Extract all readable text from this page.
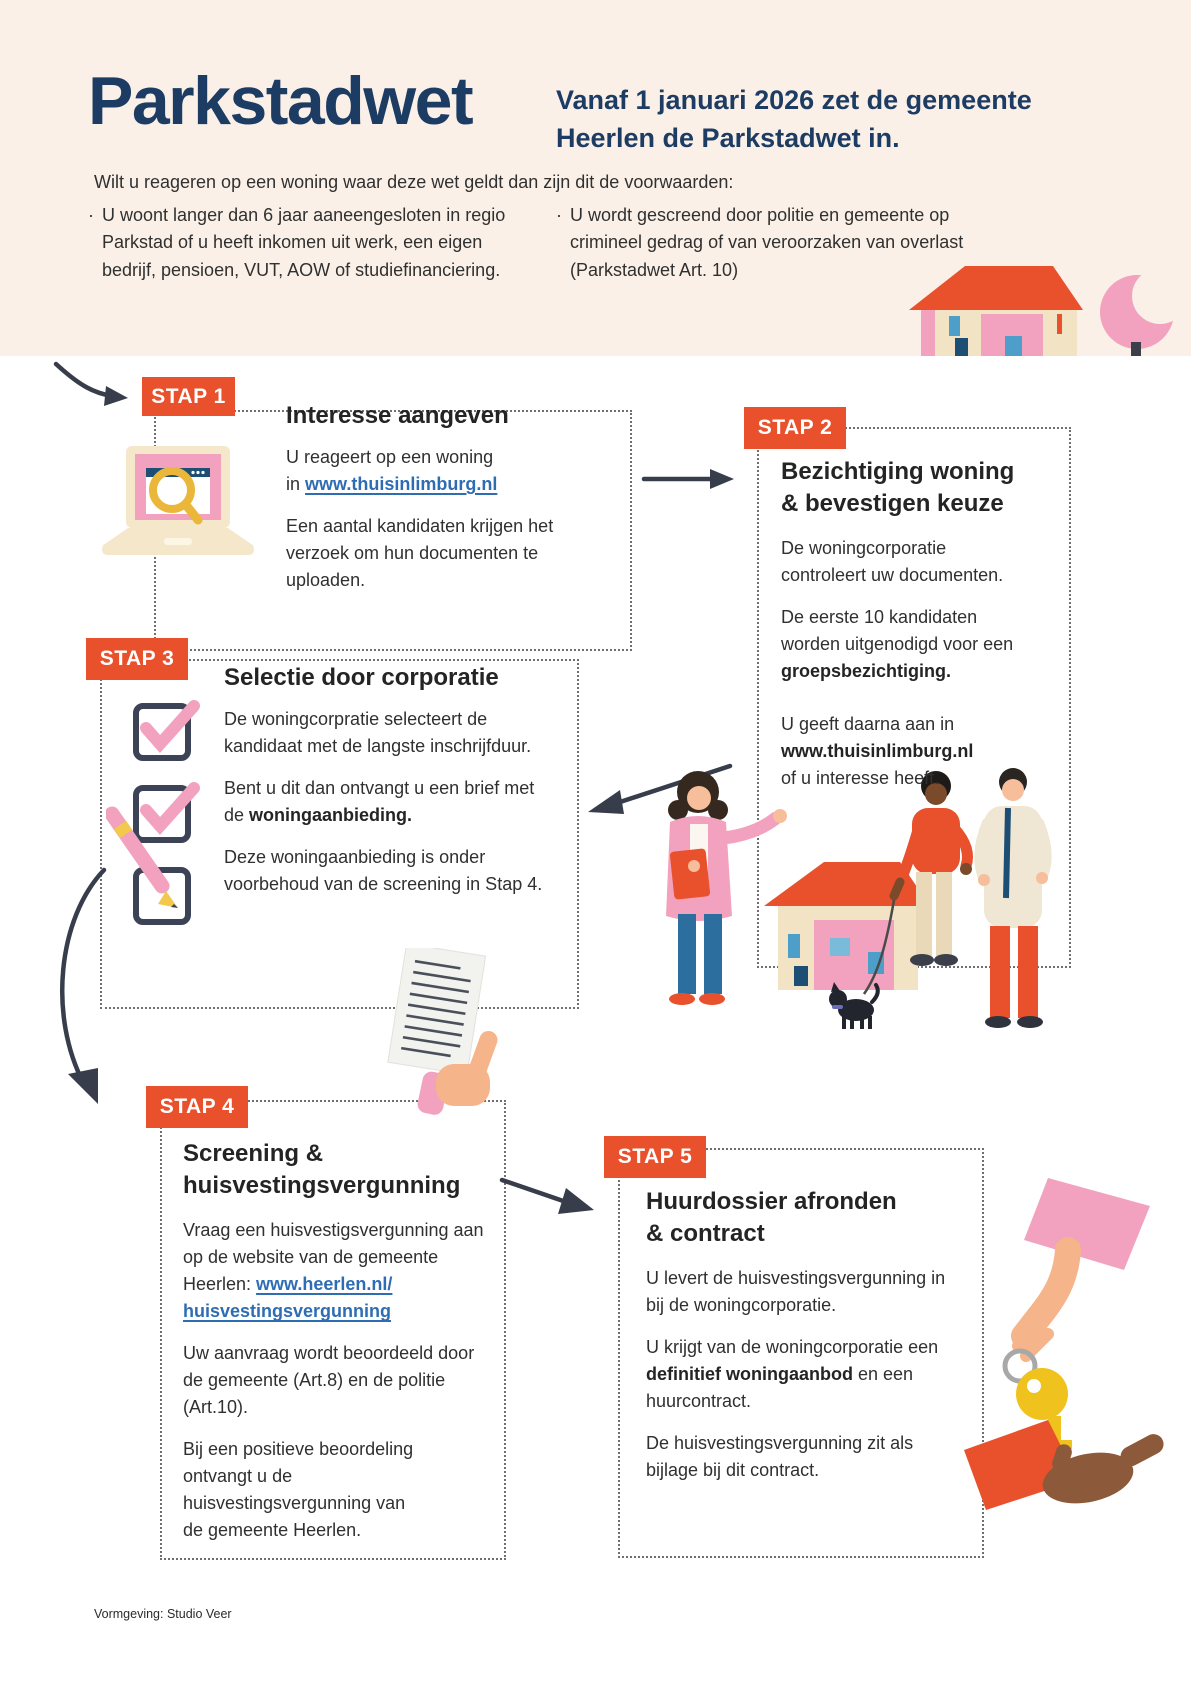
Parkstadwet	Vanaf 1 januari 2026 zet de gemeente Heerlen de Parkstadwet in.
Wilt u reageren op een woning waar deze wet geldt dan zijn dit de voorwaarden:
· U woont langer dan 6 jaar aaneengesloten in regio Parkstad of u heeft inkomen uit werk, een eigen bedrijf, pensioen, VUT, AOW of studiefinanciering.
· U wordt gescreend door politie en gemeente op crimineel gedrag of van veroorzaken van overlast (Parkstadwet Art. 10)
STAP 1
Interesse aangeven

U reageert op een woning
in www.thuisinlimburg.nl

Een aantal kandidaten krijgen het verzoek om hun documenten te uploaden.

STAP 2
Bezichtiging woning
& bevestigen keuze

De woningcorporatie controleert uw documenten.

De eerste 10 kandidaten worden uitgenodigd voor een groepsbezichtiging.

U geeft daarna aan in
www.thuisinlimburg.nl
of u interesse heeft.

STAP 3
Selectie door corporatie

De woningcorpratie selecteert de kandidaat met de langste inschrijfduur.

Bent u dit dan ontvangt u een brief met de woningaanbieding.

Deze woningaanbieding is onder voorbehoud van de screening in Stap 4.

STAP 4
Screening &
huisvestingsvergunning

Vraag een huisvestigsvergunning aan op de website van de gemeente Heerlen: www.heerlen.nl/
huisvestingsvergunning

Uw aanvraag wordt beoordeeld door de gemeente (Art.8) en de politie (Art.10).

Bij een positieve beoordeling ontvangt u de huisvestingsvergunning van de gemeente Heerlen.

STAP 5
Huurdossier afronden
& contract

U levert de huisvestingsvergunning in bij de woningcorporatie.

U krijgt van de woningcorporatie een definitief woningaanbod en een huurcontract.

De huisvestingsvergunning zit als bijlage bij dit contract.

Vormgeving: Studio Veer
